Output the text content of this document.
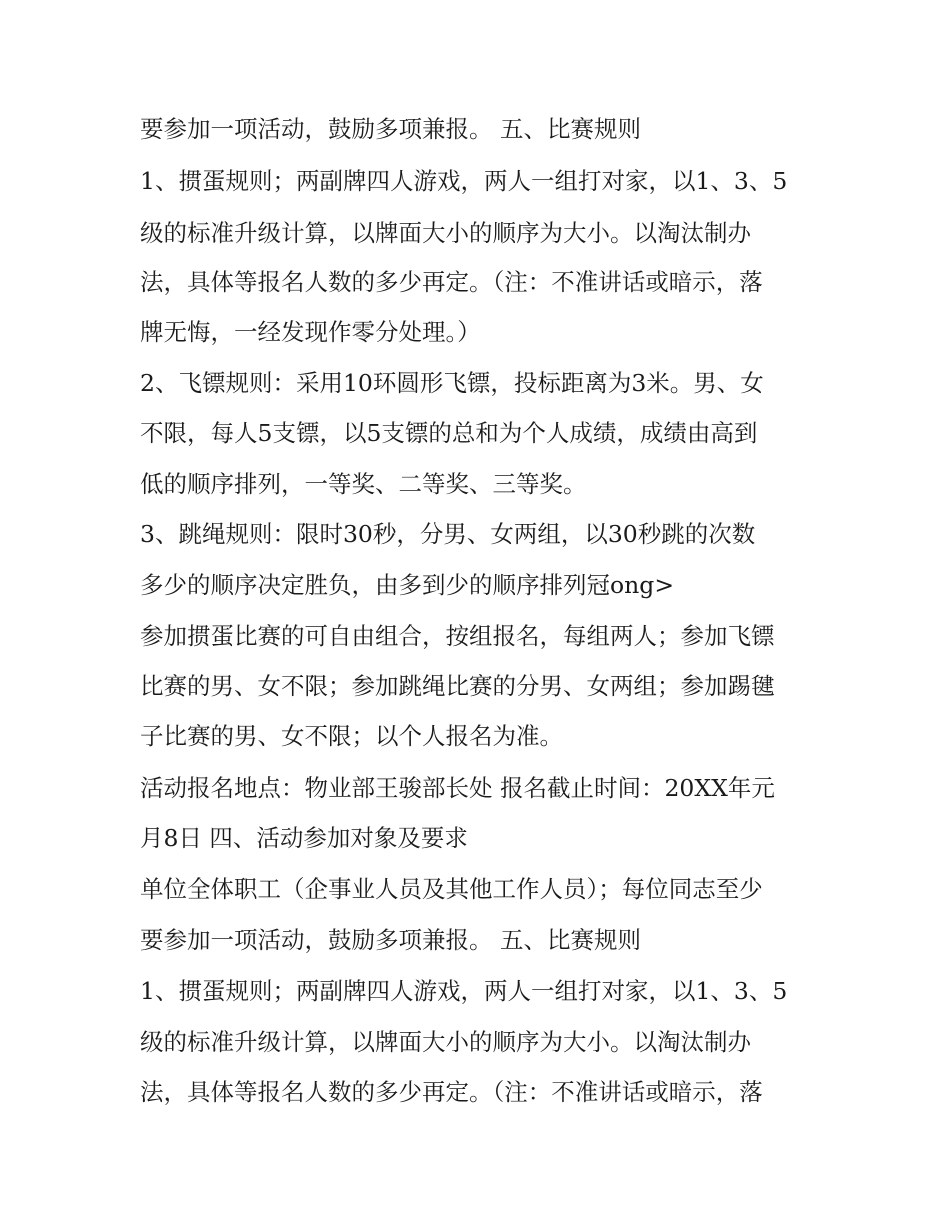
要参加一项活动，鼓励多项兼报。 五、比赛规则
1、掼蛋规则；两副牌四人游戏，两人一组打对家，以1、3、5
级的标准升级计算，以牌面大小的顺序为大小。以淘汰制办
法，具体等报名人数的多少再定。（注：不准讲话或暗示，落
牌无悔，一经发现作零分处理。）
2、飞镖规则：采用10环圆形飞镖，投标距离为3米。男、女
不限，每人5支镖，以5支镖的总和为个人成绩，成绩由高到
低的顺序排列，一等奖、二等奖、三等奖。
3、跳绳规则：限时30秒，分男、女两组，以30秒跳的次数
多少的顺序决定胜负，由多到少的顺序排列冠ong>
参加掼蛋比赛的可自由组合，按组报名，每组两人；参加飞镖
比赛的男、女不限；参加跳绳比赛的分男、女两组；参加踢毽
子比赛的男、女不限；以个人报名为准。
活动报名地点：物业部王骏部长处 报名截止时间：20XX年元
月8日 四、活动参加对象及要求
单位全体职工（企事业人员及其他工作人员）；每位同志至少
要参加一项活动，鼓励多项兼报。 五、比赛规则
1、掼蛋规则；两副牌四人游戏，两人一组打对家，以1、3、5
级的标准升级计算，以牌面大小的顺序为大小。以淘汰制办
法，具体等报名人数的多少再定。（注：不准讲话或暗示，落
